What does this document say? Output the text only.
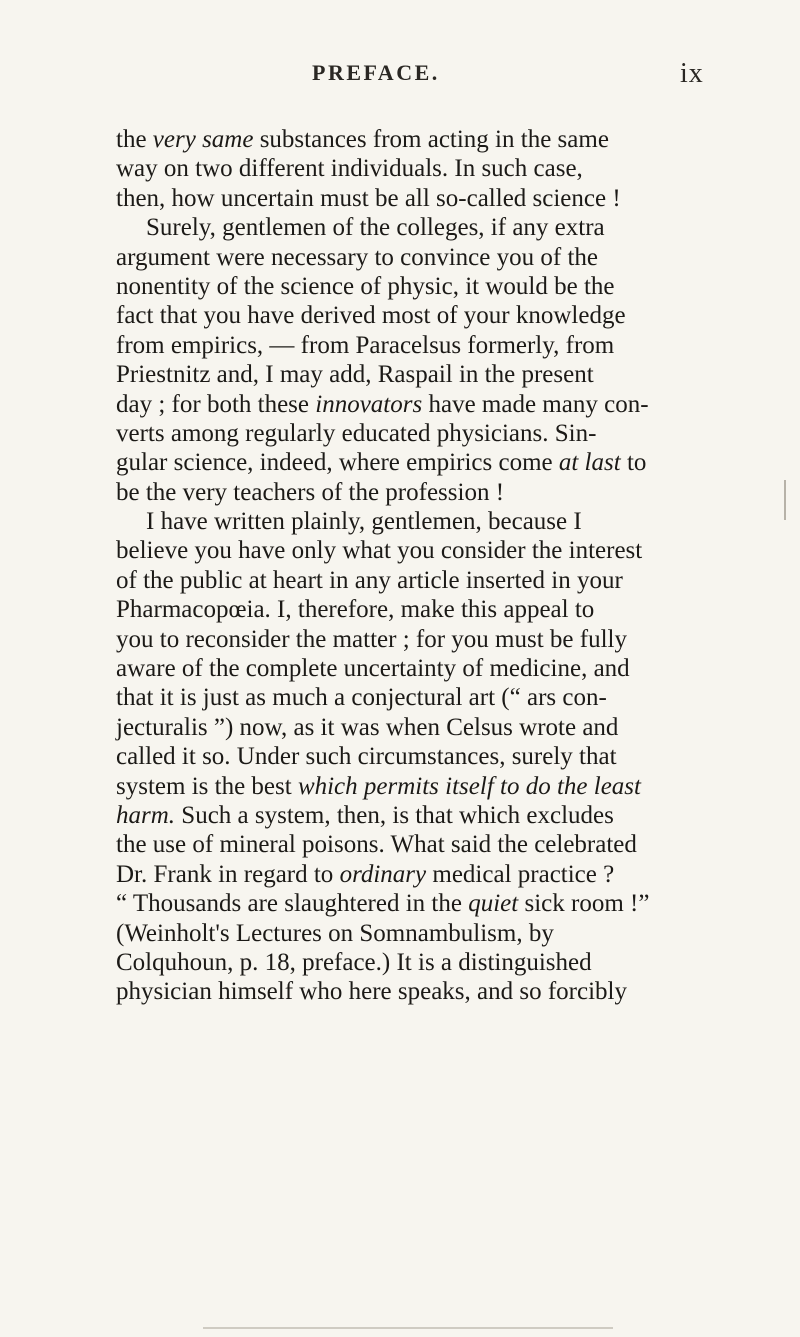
PREFACE.	ix
the very same substances from acting in the same
way on two different individuals. In such case,
then, how uncertain must be all so-called science !
Surely, gentlemen of the colleges, if any extra
argument were necessary to convince you of the
nonentity of the science of physic, it would be the
fact that you have derived most of your knowledge
from empirics, — from Paracelsus formerly, from
Priestnitz and, I may add, Raspail in the present
day ; for both these innovators have made many con-
verts among regularly educated physicians. Sin-
gular science, indeed, where empirics come at last to
be the very teachers of the profession !
I have written plainly, gentlemen, because I
believe you have only what you consider the interest
of the public at heart in any article inserted in your
Pharmacopœia. I, therefore, make this appeal to
you to reconsider the matter ; for you must be fully
aware of the complete uncertainty of medicine, and
that it is just as much a conjectural art (“ ars con-
jecturalis ”) now, as it was when Celsus wrote and
called it so. Under such circumstances, surely that
system is the best which permits itself to do the least
harm. Such a system, then, is that which excludes
the use of mineral poisons. What said the celebrated
Dr. Frank in regard to ordinary medical practice ?
“ Thousands are slaughtered in the quiet sick room !”
(Weinholt's Lectures on Somnambulism, by
Colquhoun, p. 18, preface.) It is a distinguished
physician himself who here speaks, and so forcibly
